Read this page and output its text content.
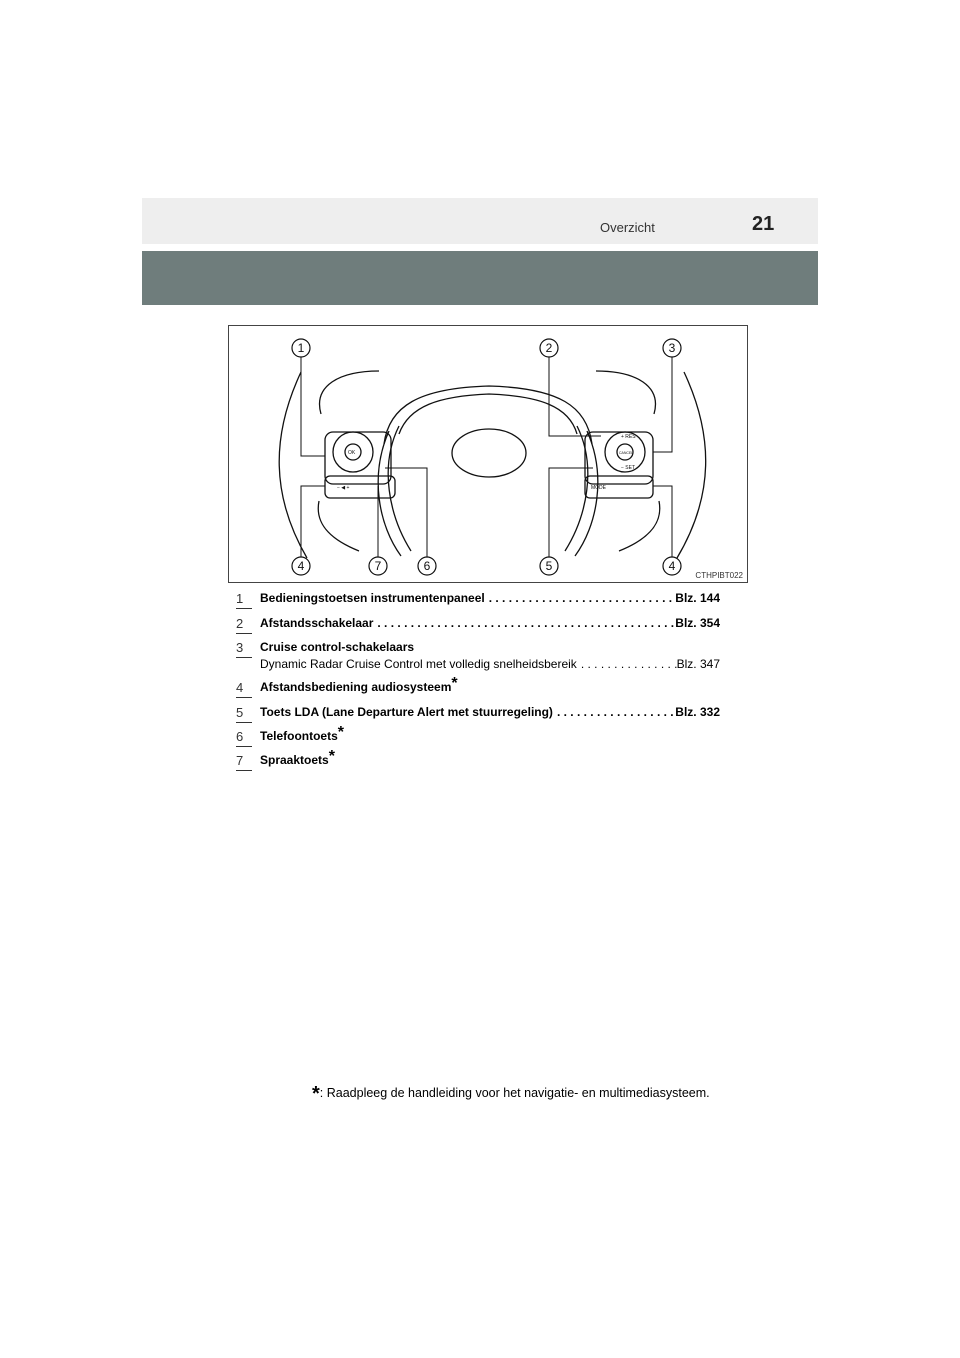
Overzicht	21
OK	CANCEL
+ RES
− SET
MODE
− ◀ +
1	2	3
4	7	6	5	4
CTHPIBT022
1 Bedieningstoetsen instrumentenpaneel . . .	Blz. 144
2 Afstandsschakelaar . . .	Blz. 354
3 Cruise control-schakelaars
Dynamic Radar Cruise Control met volledig snelheidsbereik . . .	Blz. 347
4 Afstandsbediening audiosysteem*
5 Toets LDA (Lane Departure Alert met stuurregeling) . . .	Blz. 332
6 Telefoontoets*
7 Spraaktoets*
*: Raadpleeg de handleiding voor het navigatie- en multimediasysteem.
